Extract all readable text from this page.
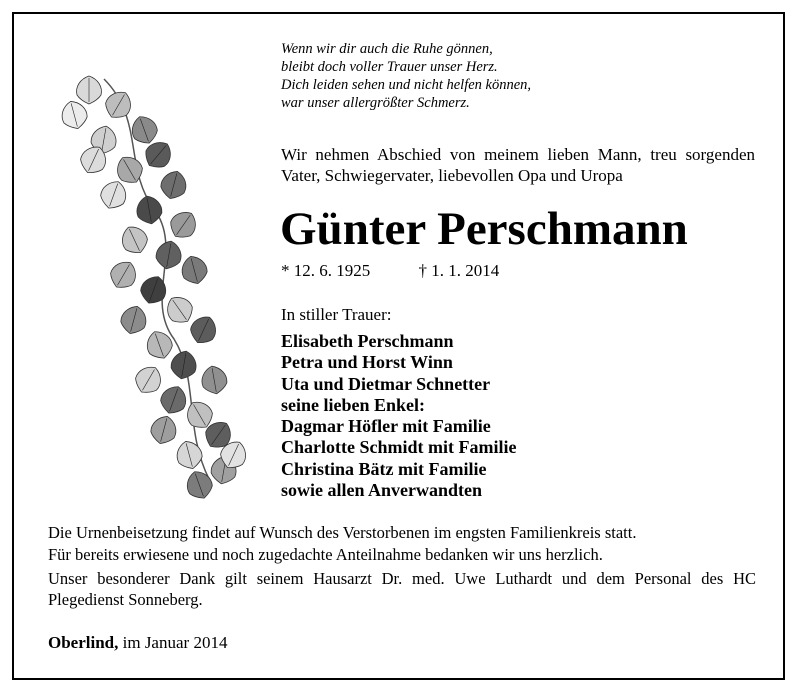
Wenn wir dir auch die Ruhe gönnen,
bleibt doch voller Trauer unser Herz.
Dich leiden sehen und nicht helfen können,
war unser allergrößter Schmerz.
Wir nehmen Abschied von meinem lieben Mann, treu sorgenden Vater, Schwiegervater, liebevollen Opa und Uropa
Günter Perschmann
* 12. 6. 1925	† 1. 1. 2014
In stiller Trauer:
Elisabeth Perschmann
Petra und Horst Winn
Uta und Dietmar Schnetter
seine lieben Enkel:
Dagmar Höfler mit Familie
Charlotte Schmidt mit Familie
Christina Bätz mit Familie
sowie allen Anverwandten

Die Urnenbeisetzung findet auf Wunsch des Verstorbenen im engsten Familienkreis statt.

Für bereits erwiesene und noch zugedachte Anteilnahme bedanken wir uns herzlich.

Unser besonderer Dank gilt seinem Hausarzt Dr. med. Uwe Luthardt und dem Personal des HC Plegedienst Sonneberg.

Oberlind, im Januar 2014
